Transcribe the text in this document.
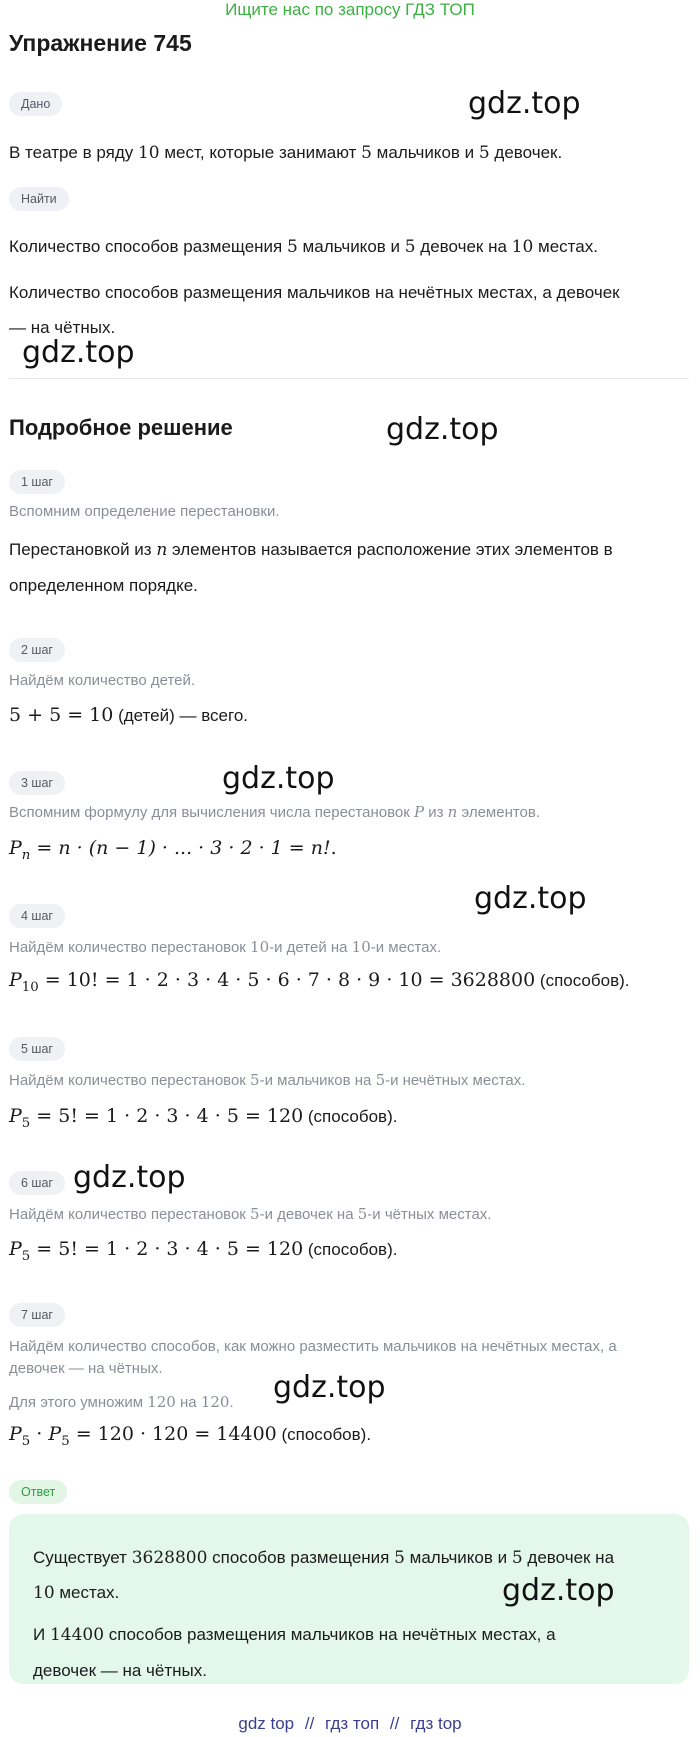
Ищите нас по запросу ГДЗ ТОП
Упражнение 745
Дано	gdz.top
В театре в ряду 10 мест, которые занимают 5 мальчиков и 5 девочек.
Найти
Количество способов размещения 5 мальчиков и 5 девочек на 10 местах.
Количество способов размещения мальчиков на нечётных местах, а девочек
— на чётных.
gdz.top
Подробное решение	gdz.top
1 шаг
Вспомним определение перестановки.
Перестановкой из n элементов называется расположение этих элементов в
определенном порядке.
2 шаг
Найдём количество детей.
5 + 5 = 10 (детей) — всего.
3 шаг	gdz.top
Вспомним формулу для вычисления числа перестановок P из n элементов.
$P_n = n \cdot (n - 1)$ · ... · 3 · 2 · 1 = n!.
gdz.top
4 шаг
Найдём количество перестановок 10-и детей на 10-и местах.
$P_{10} = 10$! = 1 · 2 · 3 · 4 · 5 · 6 · 7 · 8 · 9 · 10 = 3628800 (способов).
5 шаг
Найдём количество перестановок 5-и мальчиков на 5-и нечётных местах.
$P_5 = 5$! = 1 · 2 · 3 · 4 · 5 = 120 (способов).
6 шаг gdz.top
Найдём количество перестановок 5-и девочек на 5-и чётных местах.
$P_5 = 5$! = 1 · 2 · 3 · 4 · 5 = 120 (способов).
7 шаг
Найдём количество способов, как можно разместить мальчиков на нечётных местах, а
девочек — на чётных.
gdz.top
Для этого умножим 120 на 120.
$P_5 \cdot P_5 = 120 \cdot 120 = 14400$ (способов).
Ответ
Существует 3628800 способов размещения 5 мальчиков и 5 девочек на
10 местах.	gdz.top
И 14400 способов размещения мальчиков на нечётных местах, а
девочек — на чётных.
gdz top // гдз топ // гдз top
